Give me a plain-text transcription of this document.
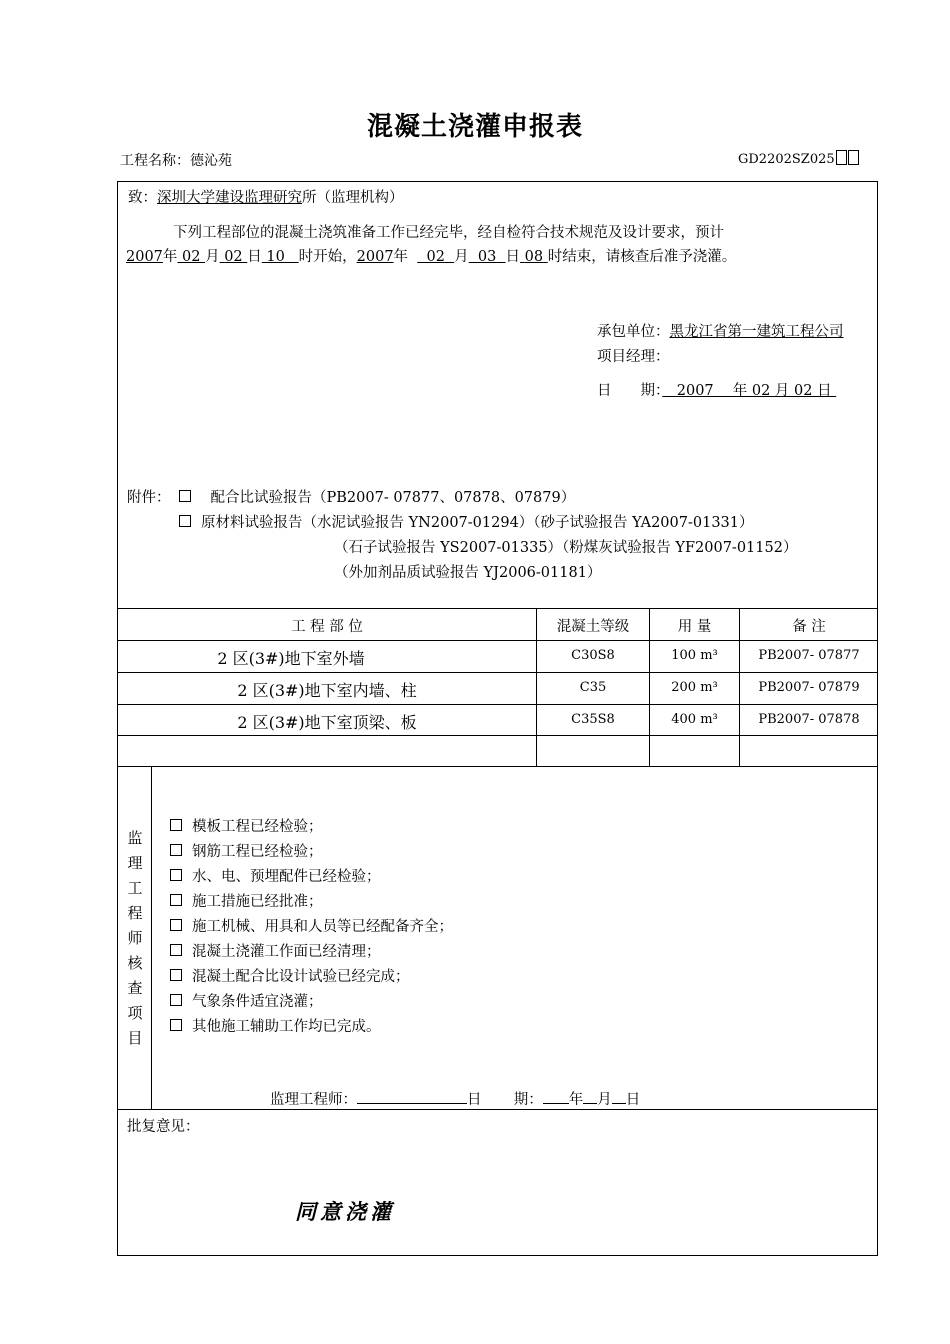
混凝土浇灌申报表
工程名称：德沁苑	GD2202SZ025
致：深圳大学建设监理研究所（监理机构）
下列工程部位的混凝土浇筑准备工作已经完毕，经自检符合技术规范及设计要求，预计
2007年 02 月 02 日 10 时开始，2007年 02 月 03 日 08 时结束，请核查后准予浇灌。
承包单位：黑龙江省第一建筑工程公司
项目经理：
日　　期：　2007　 年 02 月 02 日
附件：	配合比试验报告（PB2007- 07877、07878、07879）
原材料试验报告（水泥试验报告 YN2007-01294）（砂子试验报告 YA2007-01331）
（石子试验报告 YS2007-01335）（粉煤灰试验报告 YF2007-01152）
（外加剂品质试验报告 YJ2006-01181）
工 程 部 位	混凝土等级	用 量	备 注
2 区(3#)地下室外墙	C30S8	100 m³	PB2007- 07877
2 区(3#)地下室内墙、柱	C35	200 m³	PB2007- 07879
2 区(3#)地下室顶梁、板	C35S8	400 m³	PB2007- 07878
监
理
工
程
师
核
查
项
目
模板工程已经检验；
钢筋工程已经检验；
水、电、预埋配件已经检验；
施工措施已经批准；
施工机械、用具和人员等已经配备齐全；
混凝土浇灌工作面已经清理；
混凝土配合比设计试验已经完成；
气象条件适宜浇灌；
其他施工辅助工作均已完成。
监理工程师：	日 期： 年 月 日
批复意见：
同意浇灌
